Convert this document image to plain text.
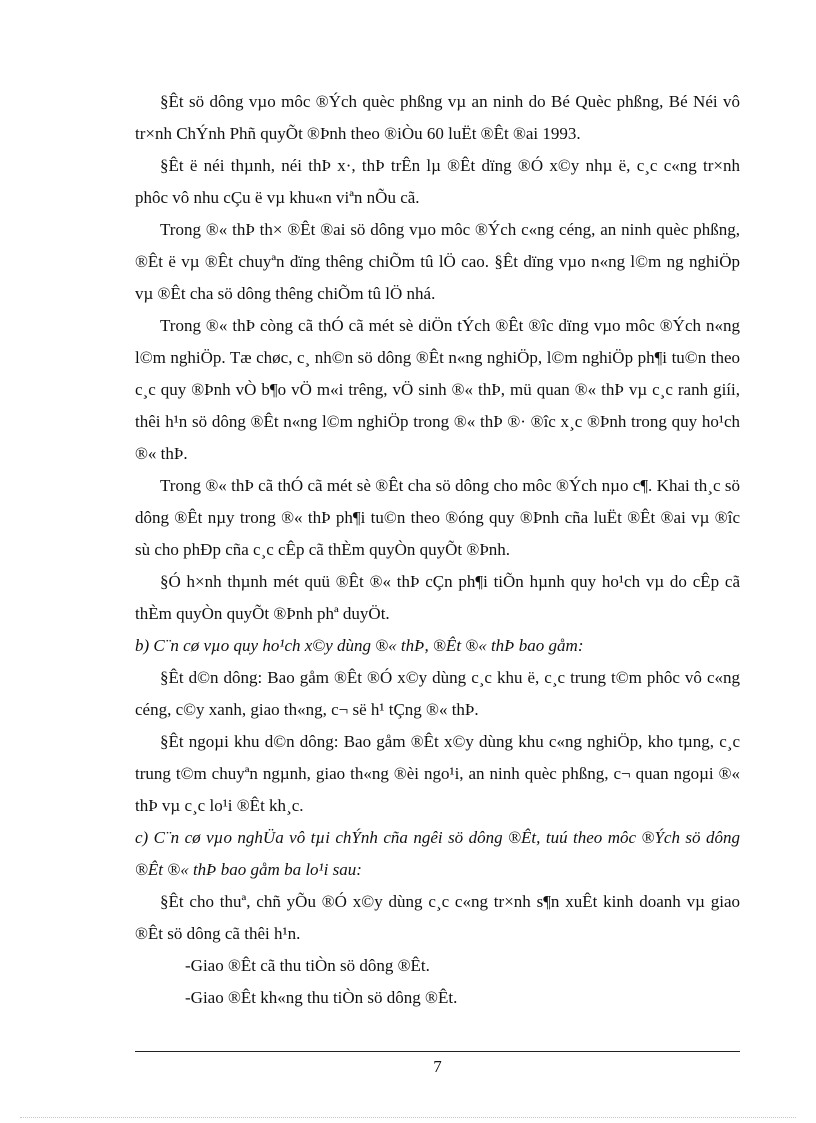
§Êt sö dông vµo môc ®Ých quèc phßng vµ an ninh do Bé Quèc phßng, Bé Néi vô tr×nh ChÝnh Phñ quyÕt ®Þnh theo ®iÒu 60 luËt ®Êt ®ai 1993.

§Êt ë néi thµnh, néi thÞ x·, thÞ trÊn lµ ®Êt dïng ®Ó x©y nhµ ë, c¸c c«ng tr×nh phôc vô nhu cÇu ë vµ khu«n viªn nÕu cã.

Trong ®« thÞ th× ®Êt ®ai sö dông vµo môc ®Ých c«ng céng, an ninh quèc phßng, ®Êt ë vµ ®Êt chuyªn dïng thêng chiÕm tû lÖ cao. §Êt dïng vµo n«ng l©m ng nghiÖp vµ ®Êt cha sö dông thêng chiÕm tû lÖ nhá.

Trong ®« thÞ còng cã thÓ cã mét sè diÖn tÝch ®Êt ®îc dïng vµo môc ®Ých n«ng l©m nghiÖp. Tæ chøc, c¸ nh©n sö dông ®Êt n«ng nghiÖp, l©m nghiÖp ph¶i tu©n theo c¸c quy ®Þnh vÒ b¶o vÖ m«i trêng, vÖ sinh ®« thÞ, mü quan ®« thÞ vµ c¸c ranh giíi, thêi h¹n sö dông ®Êt n«ng l©m nghiÖp trong ®« thÞ ®· ®îc x¸c ®Þnh trong quy ho¹ch ®« thÞ.

Trong ®« thÞ cã thÓ cã mét sè ®Êt cha sö dông cho môc ®Ých nµo c¶. Khai th¸c sö dông ®Êt nµy trong ®« thÞ ph¶i tu©n theo ®óng quy ®Þnh cña luËt ®Êt ®ai vµ ®îc sù cho phÐp cña c¸c cÊp cã thÈm quyÒn quyÕt ®Þnh.

§Ó h×nh thµnh mét quü ®Êt ®« thÞ cÇn ph¶i tiÕn hµnh quy ho¹ch vµ do cÊp cã thÈm quyÒn quyÕt ®Þnh phª duyÖt.

b) C¨n cø vµo quy ho¹ch x©y dùng ®« thÞ, ®Êt ®« thÞ bao gåm:

§Êt d©n dông: Bao gåm ®Êt ®Ó x©y dùng c¸c khu ë, c¸c trung t©m phôc vô c«ng céng, c©y xanh, giao th«ng, c¬ së h¹ tÇng ®« thÞ.

§Êt ngoµi khu d©n dông: Bao gåm ®Êt x©y dùng khu c«ng nghiÖp, kho tµng, c¸c trung t©m chuyªn ngµnh, giao th«ng ®èi ngo¹i, an ninh quèc phßng, c¬ quan ngoµi ®« thÞ vµ c¸c lo¹i ®Êt kh¸c.

c) C¨n cø vµo nghÜa vô tµi chÝnh cña ngêi sö dông ®Êt, tuú theo môc ®Ých sö dông ®Êt ®« thÞ bao gåm ba lo¹i sau:

§Êt cho thuª, chñ yÕu ®Ó x©y dùng c¸c c«ng tr×nh s¶n xuÊt kinh doanh vµ giao ®Êt sö dông cã thêi h¹n.

-Giao ®Êt cã thu tiÒn sö dông ®Êt.

-Giao ®Êt kh«ng thu tiÒn sö dông ®Êt.

7
